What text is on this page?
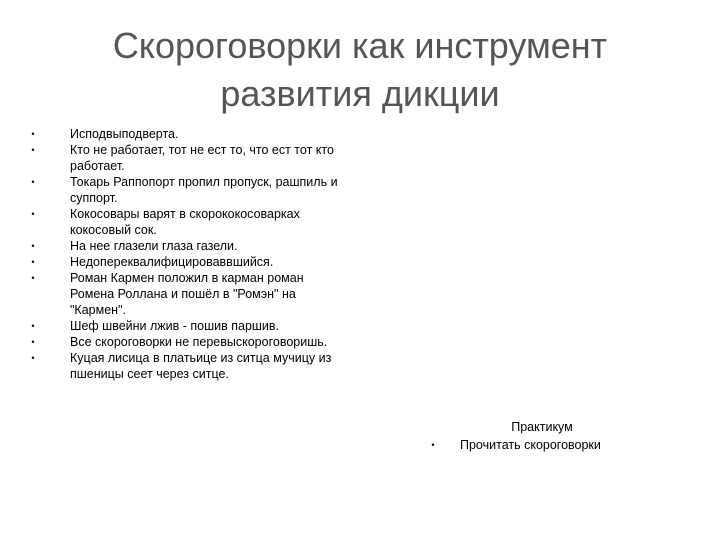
Скороговорки как инструмент развития дикции
•	Исподвыподверта.
•	Кто не работает, тот не ест то, что ест тот кто работает.
•	Токарь Раппопорт пропил пропуск, рашпиль и суппорт.
•	Кокосовары варят в скорококосоварках кокосовый сок.
•	На нее глазели глаза газели.
•	Недопереквалифицироваввшийся.
•	Роман Кармен положил в карман роман Ромена Роллана и пошёл в "Ромэн" на "Кармен".
•	Шеф швейни лжив - пошив паршив.
•	Все скороговорки не перевыскороговоришь.
•	Куцая лисица в платьице из ситца мучицу из пшеницы сеет через ситце.
Практикум
• Прочитать скороговорки
